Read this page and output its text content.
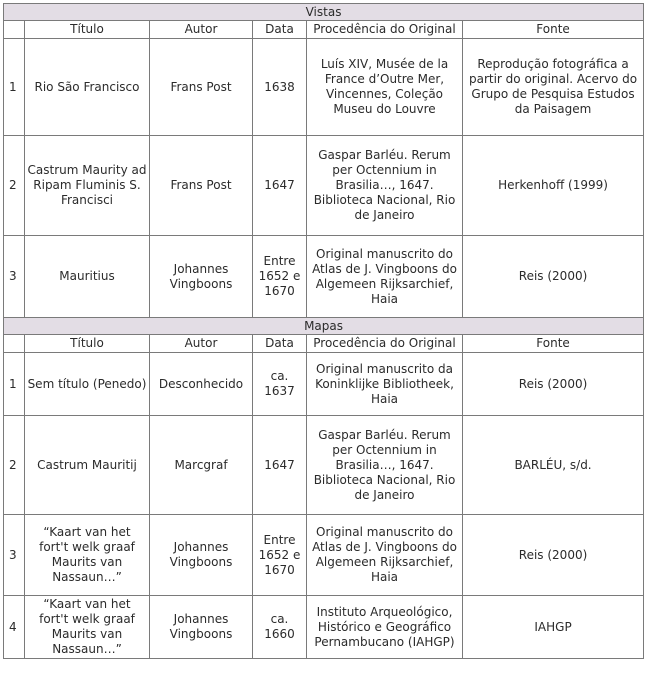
Vistas					
	Título	Autor	Data	Procedência do Original	Fonte
1	Rio São Francisco	Frans Post	1638	Luís XIV, Musée de la France d’Outre Mer, Vincennes, Coleção Museu do Louvre	Reprodução fotográfica a partir do original. Acervo do Grupo de Pesquisa Estudos da Paisagem
2	Castrum Maurity ad Ripam Fluminis S. Francisci	Frans Post	1647	Gaspar Barléu. Rerum per Octennium in Brasilia…, 1647. Biblioteca Nacional, Rio de Janeiro	Herkenhoff (1999)
3	Mauritius	Johannes Vingboons	Entre 1652 e 1670	Original manuscrito do Atlas de J. Vingboons do Algemeen Rijksarchief, Haia	Reis (2000)
Mapas					
	Título	Autor	Data	Procedência do Original	Fonte
1	Sem título (Penedo)	Desconhecido	ca. 1637	Original manuscrito da Koninklijke Bibliotheek, Haia	Reis (2000)
2	Castrum Mauritij	Marcgraf	1647	Gaspar Barléu. Rerum per Octennium in Brasilia…, 1647. Biblioteca Nacional, Rio de Janeiro	BARLÉU, s/d.
3	“Kaart van het fort't welk graaf Maurits van Nassaun…”	Johannes Vingboons	Entre 1652 e 1670	Original manuscrito do Atlas de J. Vingboons do Algemeen Rijksarchief, Haia	Reis (2000)
4	“Kaart van het fort't welk graaf Maurits van Nassaun…”	Johannes Vingboons	ca. 1660	Instituto Arqueológico, Histórico e Geográfico Pernambucano (IAHGP)	IAHGP
